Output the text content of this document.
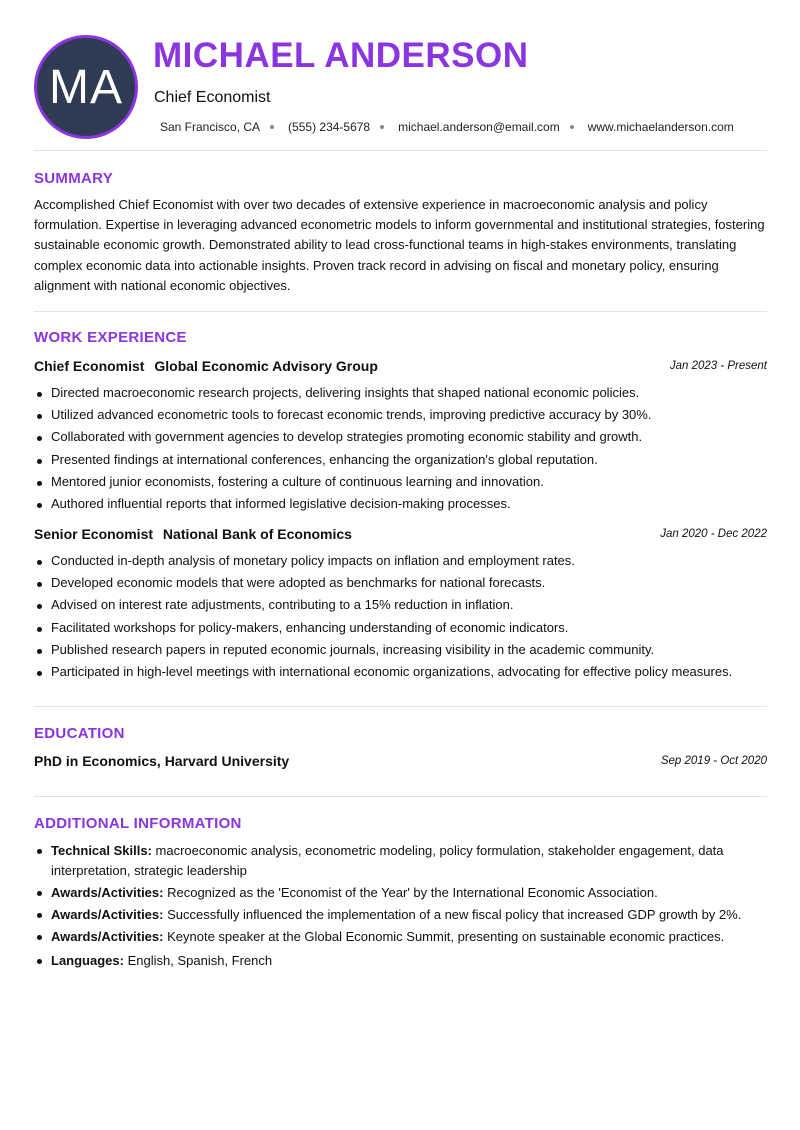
MA
MICHAEL ANDERSON
Chief Economist
San Francisco, CA (555) 234-5678 michael.anderson@email.com www.michaelanderson.com
SUMMARY

Accomplished Chief Economist with over two decades of extensive experience in macroeconomic analysis and policy formulation. Expertise in leveraging advanced econometric models to inform governmental and institutional strategies, fostering sustainable economic growth. Demonstrated ability to lead cross-functional teams in high-stakes environments, translating complex economic data into actionable insights. Proven track record in advising on fiscal and monetary policy, ensuring alignment with national economic objectives.

WORK EXPERIENCE
Chief Economist Global Economic Advisory Group	Jan 2023 - Present
Directed macroeconomic research projects, delivering insights that shaped national economic policies.
Utilized advanced econometric tools to forecast economic trends, improving predictive accuracy by 30%.
Collaborated with government agencies to develop strategies promoting economic stability and growth.
Presented findings at international conferences, enhancing the organization's global reputation.
Mentored junior economists, fostering a culture of continuous learning and innovation.
Authored influential reports that informed legislative decision-making processes.
Senior Economist National Bank of Economics	Jan 2020 - Dec 2022
Conducted in-depth analysis of monetary policy impacts on inflation and employment rates.
Developed economic models that were adopted as benchmarks for national forecasts.
Advised on interest rate adjustments, contributing to a 15% reduction in inflation.
Facilitated workshops for policy-makers, enhancing understanding of economic indicators.
Published research papers in reputed economic journals, increasing visibility in the academic community.
Participated in high-level meetings with international economic organizations, advocating for effective policy measures.
EDUCATION
PhD in Economics, Harvard University	Sep 2019 - Oct 2020
ADDITIONAL INFORMATION
Technical Skills: macroeconomic analysis, econometric modeling, policy formulation, stakeholder engagement, data interpretation, strategic leadership
Awards/Activities: Recognized as the 'Economist of the Year' by the International Economic Association.
Awards/Activities: Successfully influenced the implementation of a new fiscal policy that increased GDP growth by 2%.
Awards/Activities: Keynote speaker at the Global Economic Summit, presenting on sustainable economic practices.
Languages: English, Spanish, French
